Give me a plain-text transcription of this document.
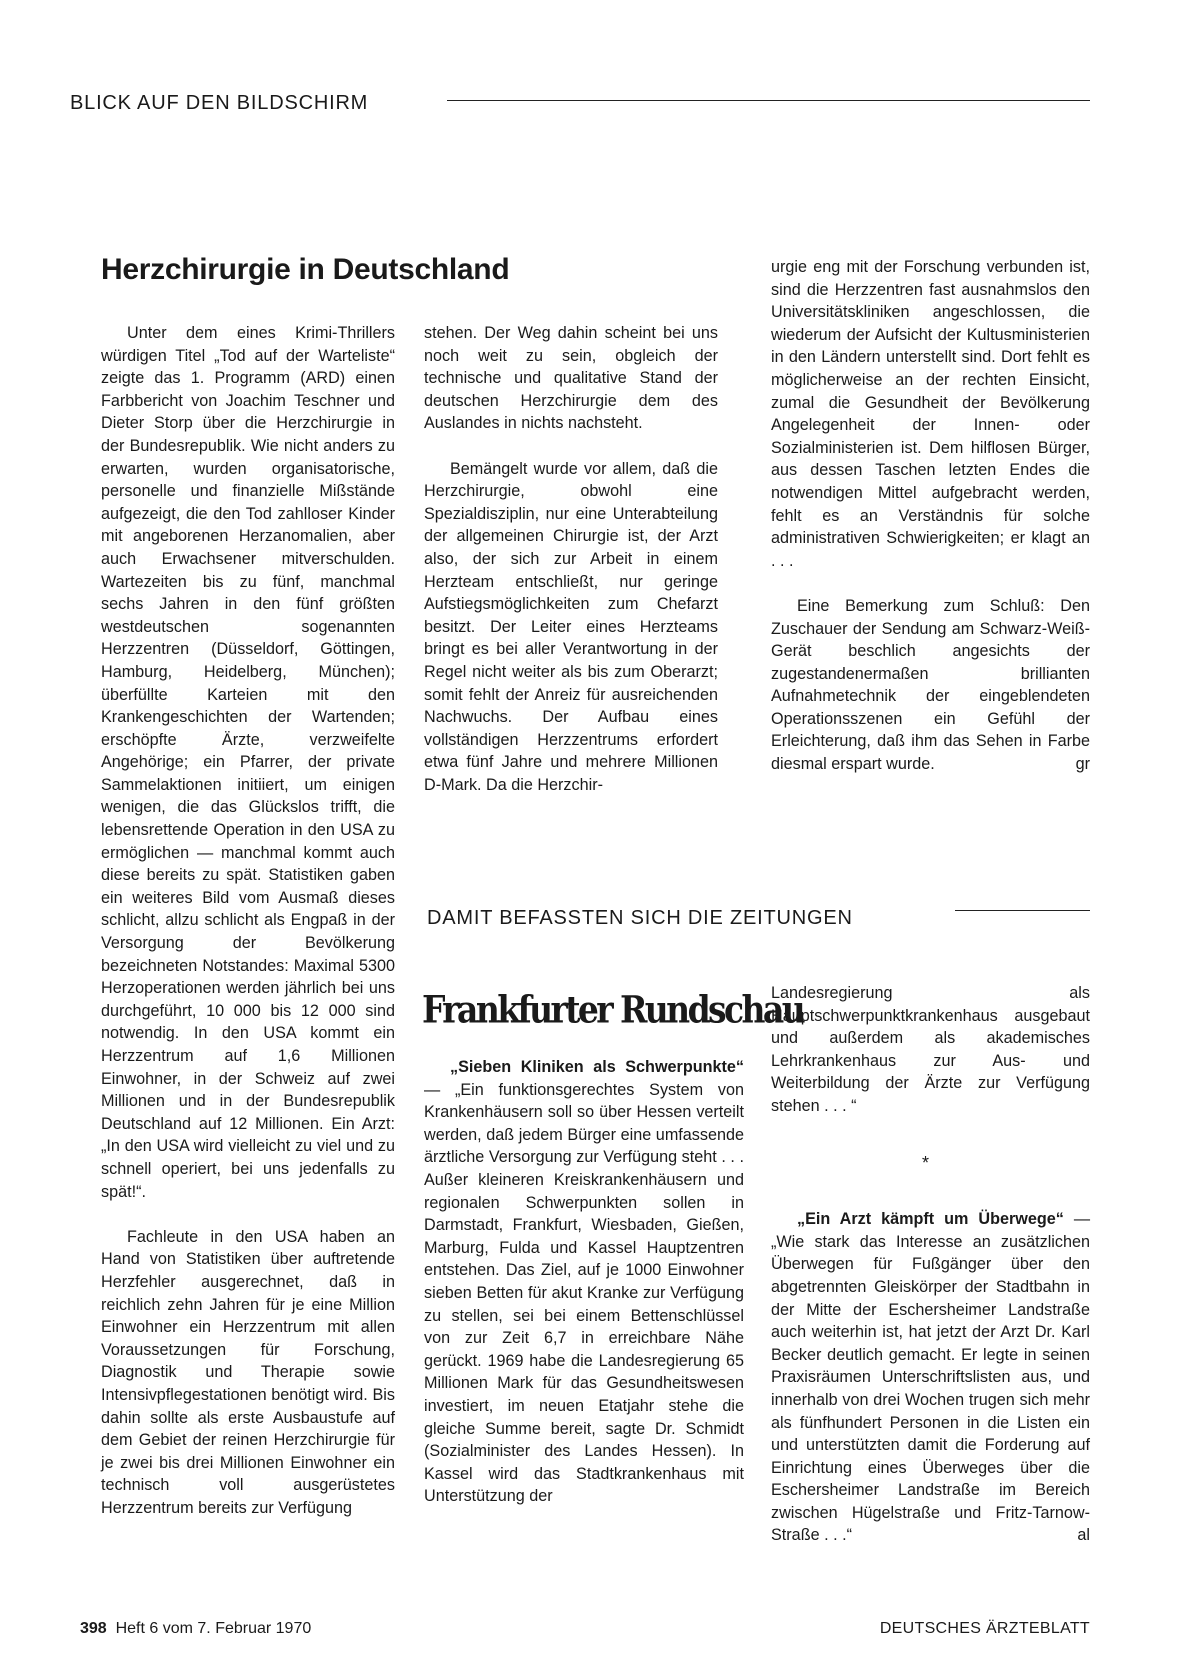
BLICK AUF DEN BILDSCHIRM
Herzchirurgie in Deutschland

Unter dem eines Krimi-Thrillers würdigen Titel „Tod auf der Warteliste“ zeigte das 1. Programm (ARD) einen Farbbericht von Joachim Teschner und Dieter Storp über die Herzchirurgie in der Bundesrepublik. Wie nicht anders zu erwarten, wurden organisatorische, personelle und finanzielle Mißstände aufgezeigt, die den Tod zahlloser Kinder mit angeborenen Herzanomalien, aber auch Erwachsener mitverschulden. Wartezeiten bis zu fünf, manchmal sechs Jahren in den fünf größten westdeutschen sogenannten Herzzentren (Düsseldorf, Göttingen, Hamburg, Heidelberg, München); überfüllte Karteien mit den Krankengeschichten der Wartenden; erschöpfte Ärzte, verzweifelte Angehörige; ein Pfarrer, der private Sammelaktionen initiiert, um einigen wenigen, die das Glückslos trifft, die lebensrettende Operation in den USA zu ermöglichen — manchmal kommt auch diese bereits zu spät. Statistiken gaben ein weiteres Bild vom Ausmaß dieses schlicht, allzu schlicht als Engpaß in der Versorgung der Bevölkerung bezeichneten Notstandes: Maximal 5300 Herzoperationen werden jährlich bei uns durchgeführt, 10 000 bis 12 000 sind notwendig. In den USA kommt ein Herzzentrum auf 1,6 Millionen Einwohner, in der Schweiz auf zwei Millionen und in der Bundesrepublik Deutschland auf 12 Millionen. Ein Arzt: „In den USA wird vielleicht zu viel und zu schnell operiert, bei uns jedenfalls zu spät!“.

Fachleute in den USA haben an Hand von Statistiken über auftretende Herzfehler ausgerechnet, daß in reichlich zehn Jahren für je eine Million Einwohner ein Herzzentrum mit allen Voraussetzungen für Forschung, Diagnostik und Therapie sowie Intensivpflegestationen benötigt wird. Bis dahin sollte als erste Ausbaustufe auf dem Gebiet der reinen Herzchirurgie für je zwei bis drei Millionen Einwohner ein technisch voll ausgerüstetes Herzzentrum bereits zur Verfügung

stehen. Der Weg dahin scheint bei uns noch weit zu sein, obgleich der technische und qualitative Stand der deutschen Herzchirurgie dem des Auslandes in nichts nachsteht.

Bemängelt wurde vor allem, daß die Herzchirurgie, obwohl eine Spezialdisziplin, nur eine Unterabteilung der allgemeinen Chirurgie ist, der Arzt also, der sich zur Arbeit in einem Herzteam entschließt, nur geringe Aufstiegsmöglichkeiten zum Chefarzt besitzt. Der Leiter eines Herzteams bringt es bei aller Verantwortung in der Regel nicht weiter als bis zum Oberarzt; somit fehlt der Anreiz für ausreichenden Nachwuchs. Der Aufbau eines vollständigen Herzzentrums erfordert etwa fünf Jahre und mehrere Millionen D-Mark. Da die Herzchir-

urgie eng mit der Forschung verbunden ist, sind die Herzzentren fast ausnahmslos den Universitätskliniken angeschlossen, die wiederum der Aufsicht der Kultusministerien in den Ländern unterstellt sind. Dort fehlt es möglicherweise an der rechten Einsicht, zumal die Gesundheit der Bevölkerung Angelegenheit der Innen- oder Sozialministerien ist. Dem hilflosen Bürger, aus dessen Taschen letzten Endes die notwendigen Mittel aufgebracht werden, fehlt es an Verständnis für solche administrativen Schwierigkeiten; er klagt an . . .

Eine Bemerkung zum Schluß: Den Zuschauer der Sendung am Schwarz-Weiß-Gerät beschlich angesichts der zugestandenermaßen brillianten Aufnahmetechnik der eingeblendeten Operationsszenen ein Gefühl der Erleichterung, daß ihm das Sehen in Farbe diesmal erspart wurde.	gr

DAMIT BEFASSTEN SICH DIE ZEITUNGEN
Frankfurter Rundschau

„Sieben Kliniken als Schwerpunkte“ — „Ein funktionsgerechtes System von Krankenhäusern soll so über Hessen verteilt werden, daß jedem Bürger eine umfassende ärztliche Versorgung zur Verfügung steht . . . Außer kleineren Kreiskrankenhäusern und regionalen Schwerpunkten sollen in Darmstadt, Frankfurt, Wiesbaden, Gießen, Marburg, Fulda und Kassel Hauptzentren entstehen. Das Ziel, auf je 1000 Einwohner sieben Betten für akut Kranke zur Verfügung zu stellen, sei bei einem Bettenschlüssel von zur Zeit 6,7 in erreichbare Nähe gerückt. 1969 habe die Landesregierung 65 Millionen Mark für das Gesundheitswesen investiert, im neuen Etatjahr stehe die gleiche Summe bereit, sagte Dr. Schmidt (Sozialminister des Landes Hessen). In Kassel wird das Stadtkrankenhaus mit Unterstützung der

Landesregierung als Hauptschwerpunktkrankenhaus ausgebaut und außerdem als akademisches Lehrkrankenhaus zur Aus- und Weiterbildung der Ärzte zur Verfügung stehen . . . “

*

„Ein Arzt kämpft um Überwege“ — „Wie stark das Interesse an zusätzlichen Überwegen für Fußgänger über den abgetrennten Gleiskörper der Stadtbahn in der Mitte der Eschersheimer Landstraße auch weiterhin ist, hat jetzt der Arzt Dr. Karl Becker deutlich gemacht. Er legte in seinen Praxisräumen Unterschriftslisten aus, und innerhalb von drei Wochen trugen sich mehr als fünfhundert Personen in die Listen ein und unterstützten damit die Forderung auf Einrichtung eines Überweges über die Eschersheimer Landstraße im Bereich zwischen Hügelstraße und Fritz-Tarnow-Straße . . .“	al

398 Heft 6 vom 7. Februar 1970	DEUTSCHES ÄRZTEBLATT
